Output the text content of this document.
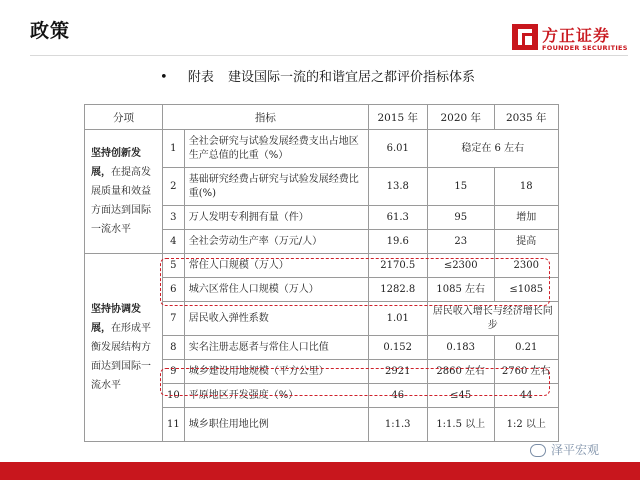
政策	方正证券
FOUNDER SECURITIES
• 附表 建设国际一流的和谐宜居之都评价指标体系
分项	指标		2015 年	2020 年	2035 年
坚持创新发展，在提高发展质量和效益方面达到国际一流水平	1	全社会研究与试验发展经费支出占地区生产总值的比重（%）	6.01	稳定在 6 左右	
	2	基础研究经费占研究与试验发展经费比重(%)	13.8	15	18
	3	万人发明专利拥有量（件）	61.3	95	增加
	4	全社会劳动生产率（万元/人）	19.6	23	提高
坚持协调发展，在形成平衡发展结构方面达到国际一流水平	5	常住人口规模（万人）	2170.5	≤2300	2300
	6	城六区常住人口规模（万人）	1282.8	1085 左右	≤1085
	7	居民收入弹性系数	1.01	居民收入增长与经济增长同步	
	8	实名注册志愿者与常住人口比值	0.152	0.183	0.21
	9	城乡建设用地规模（平方公里）	2921	2860 左右	2760 左右
	10	平原地区开发强度（%）	46	≤45	44
	11	城乡职住用地比例	1:1.3	1:1.5 以上	1:2 以上
泽平宏观
